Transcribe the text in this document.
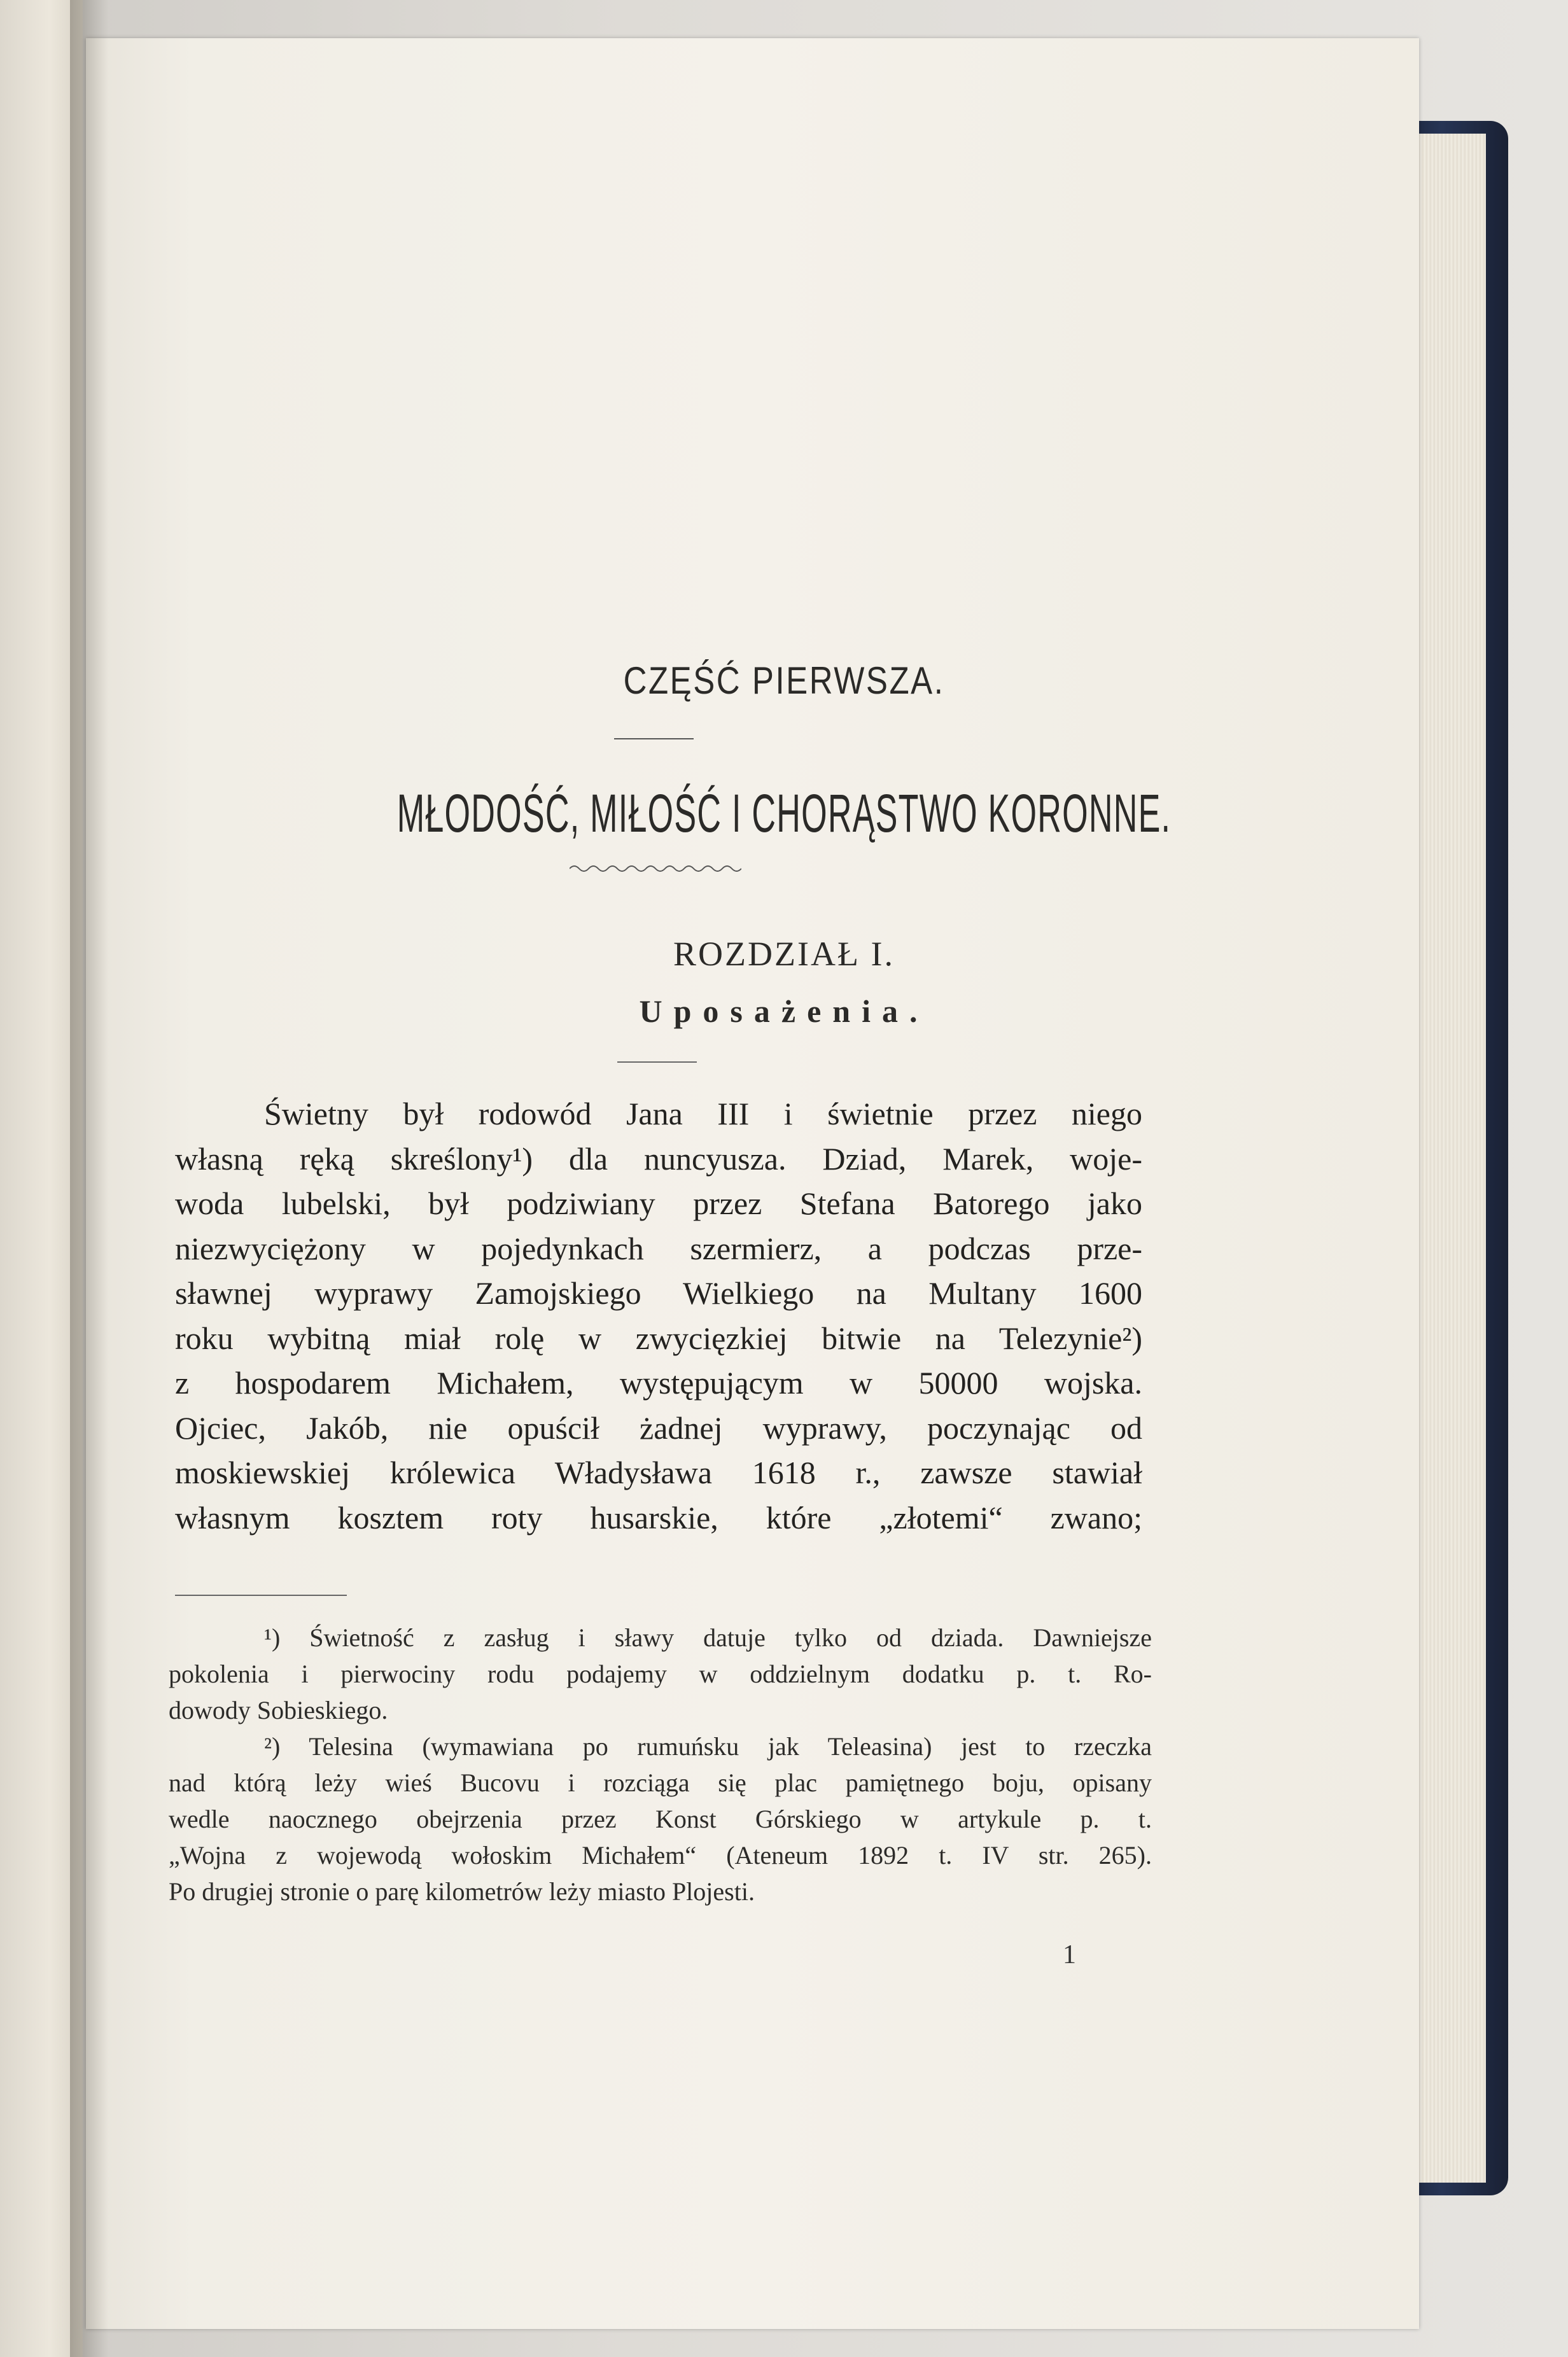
CZĘŚĆ PIERWSZA.
MŁODOŚĆ, MIŁOŚĆ I CHORĄSTWO KORONNE.
ROZDZIAŁ I.
Uposażenia.
Świetny był rodowód Jana III i świetnie przez niego
własną ręką skreślony¹) dla nuncyusza. Dziad, Marek, woje-
woda lubelski, był podziwiany przez Stefana Batorego jako
niezwyciężony w pojedynkach szermierz, a podczas prze-
sławnej wyprawy Zamojskiego Wielkiego na Multany 1600
roku wybitną miał rolę w zwycięzkiej bitwie na Telezynie²)
z hospodarem Michałem, występującym w 50000 wojska.
Ojciec, Jakób, nie opuścił żadnej wyprawy, poczynając od
moskiewskiej królewica Władysława 1618 r., zawsze stawiał
własnym kosztem roty husarskie, które „złotemi“ zwano;
¹) Świetność z zasług i sławy datuje tylko od dziada. Dawniejsze
pokolenia i pierwociny rodu podajemy w oddzielnym dodatku p. t. Ro-
dowody Sobieskiego.
²) Telesina (wymawiana po rumuńsku jak Teleasina) jest to rzeczka
nad którą leży wieś Bucovu i rozciąga się plac pamiętnego boju, opisany
wedle naocznego obejrzenia przez Konst Górskiego w artykule p. t.
„Wojna z wojewodą wołoskim Michałem“ (Ateneum 1892 t. IV str. 265).
Po drugiej stronie o parę kilometrów leży miasto Plojesti.
1
